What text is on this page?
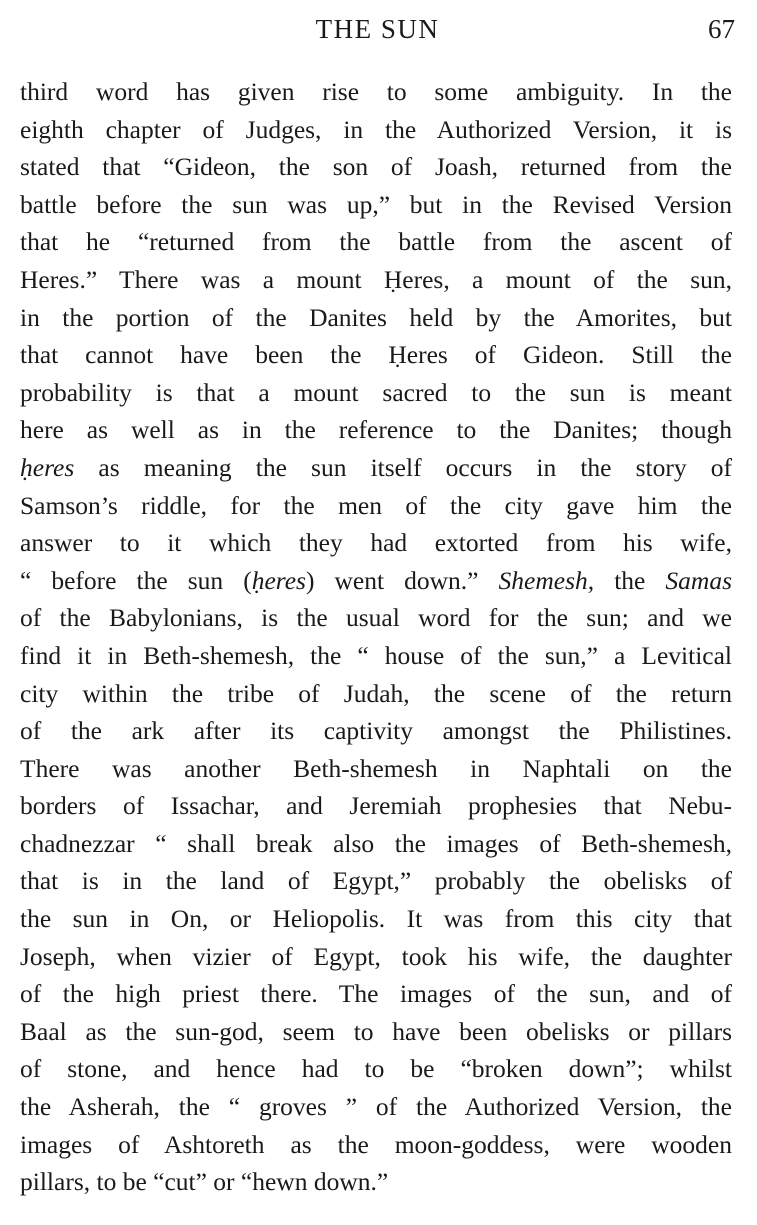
THE SUN	67
third word has given rise to some ambiguity. In the
eighth chapter of Judges, in the Authorized Version, it is
stated that “Gideon, the son of Joash, returned from the
battle before the sun was up,” but in the Revised Version
that he “returned from the battle from the ascent of
Heres.” There was a mount Ḥeres, a mount of the sun,
in the portion of the Danites held by the Amorites, but
that cannot have been the Ḥeres of Gideon. Still the
probability is that a mount sacred to the sun is meant
here as well as in the reference to the Danites; though
ḥeres as meaning the sun itself occurs in the story of
Samson’s riddle, for the men of the city gave him the
answer to it which they had extorted from his wife,
“ before the sun (ḥeres) went down.” Shemesh, the Samas
of the Babylonians, is the usual word for the sun; and we
find it in Beth-shemesh, the “ house of the sun,” a Levitical
city within the tribe of Judah, the scene of the return
of the ark after its captivity amongst the Philistines.
There was another Beth-shemesh in Naphtali on the
borders of Issachar, and Jeremiah prophesies that Nebu-
chadnezzar “ shall break also the images of Beth-shemesh,
that is in the land of Egypt,” probably the obelisks of
the sun in On, or Heliopolis. It was from this city that
Joseph, when vizier of Egypt, took his wife, the daughter
of the high priest there. The images of the sun, and of
Baal as the sun-god, seem to have been obelisks or pillars
of stone, and hence had to be “broken down”; whilst
the Asherah, the “ groves ” of the Authorized Version, the
images of Ashtoreth as the moon-goddess, were wooden
pillars, to be “cut” or “hewn down.”
